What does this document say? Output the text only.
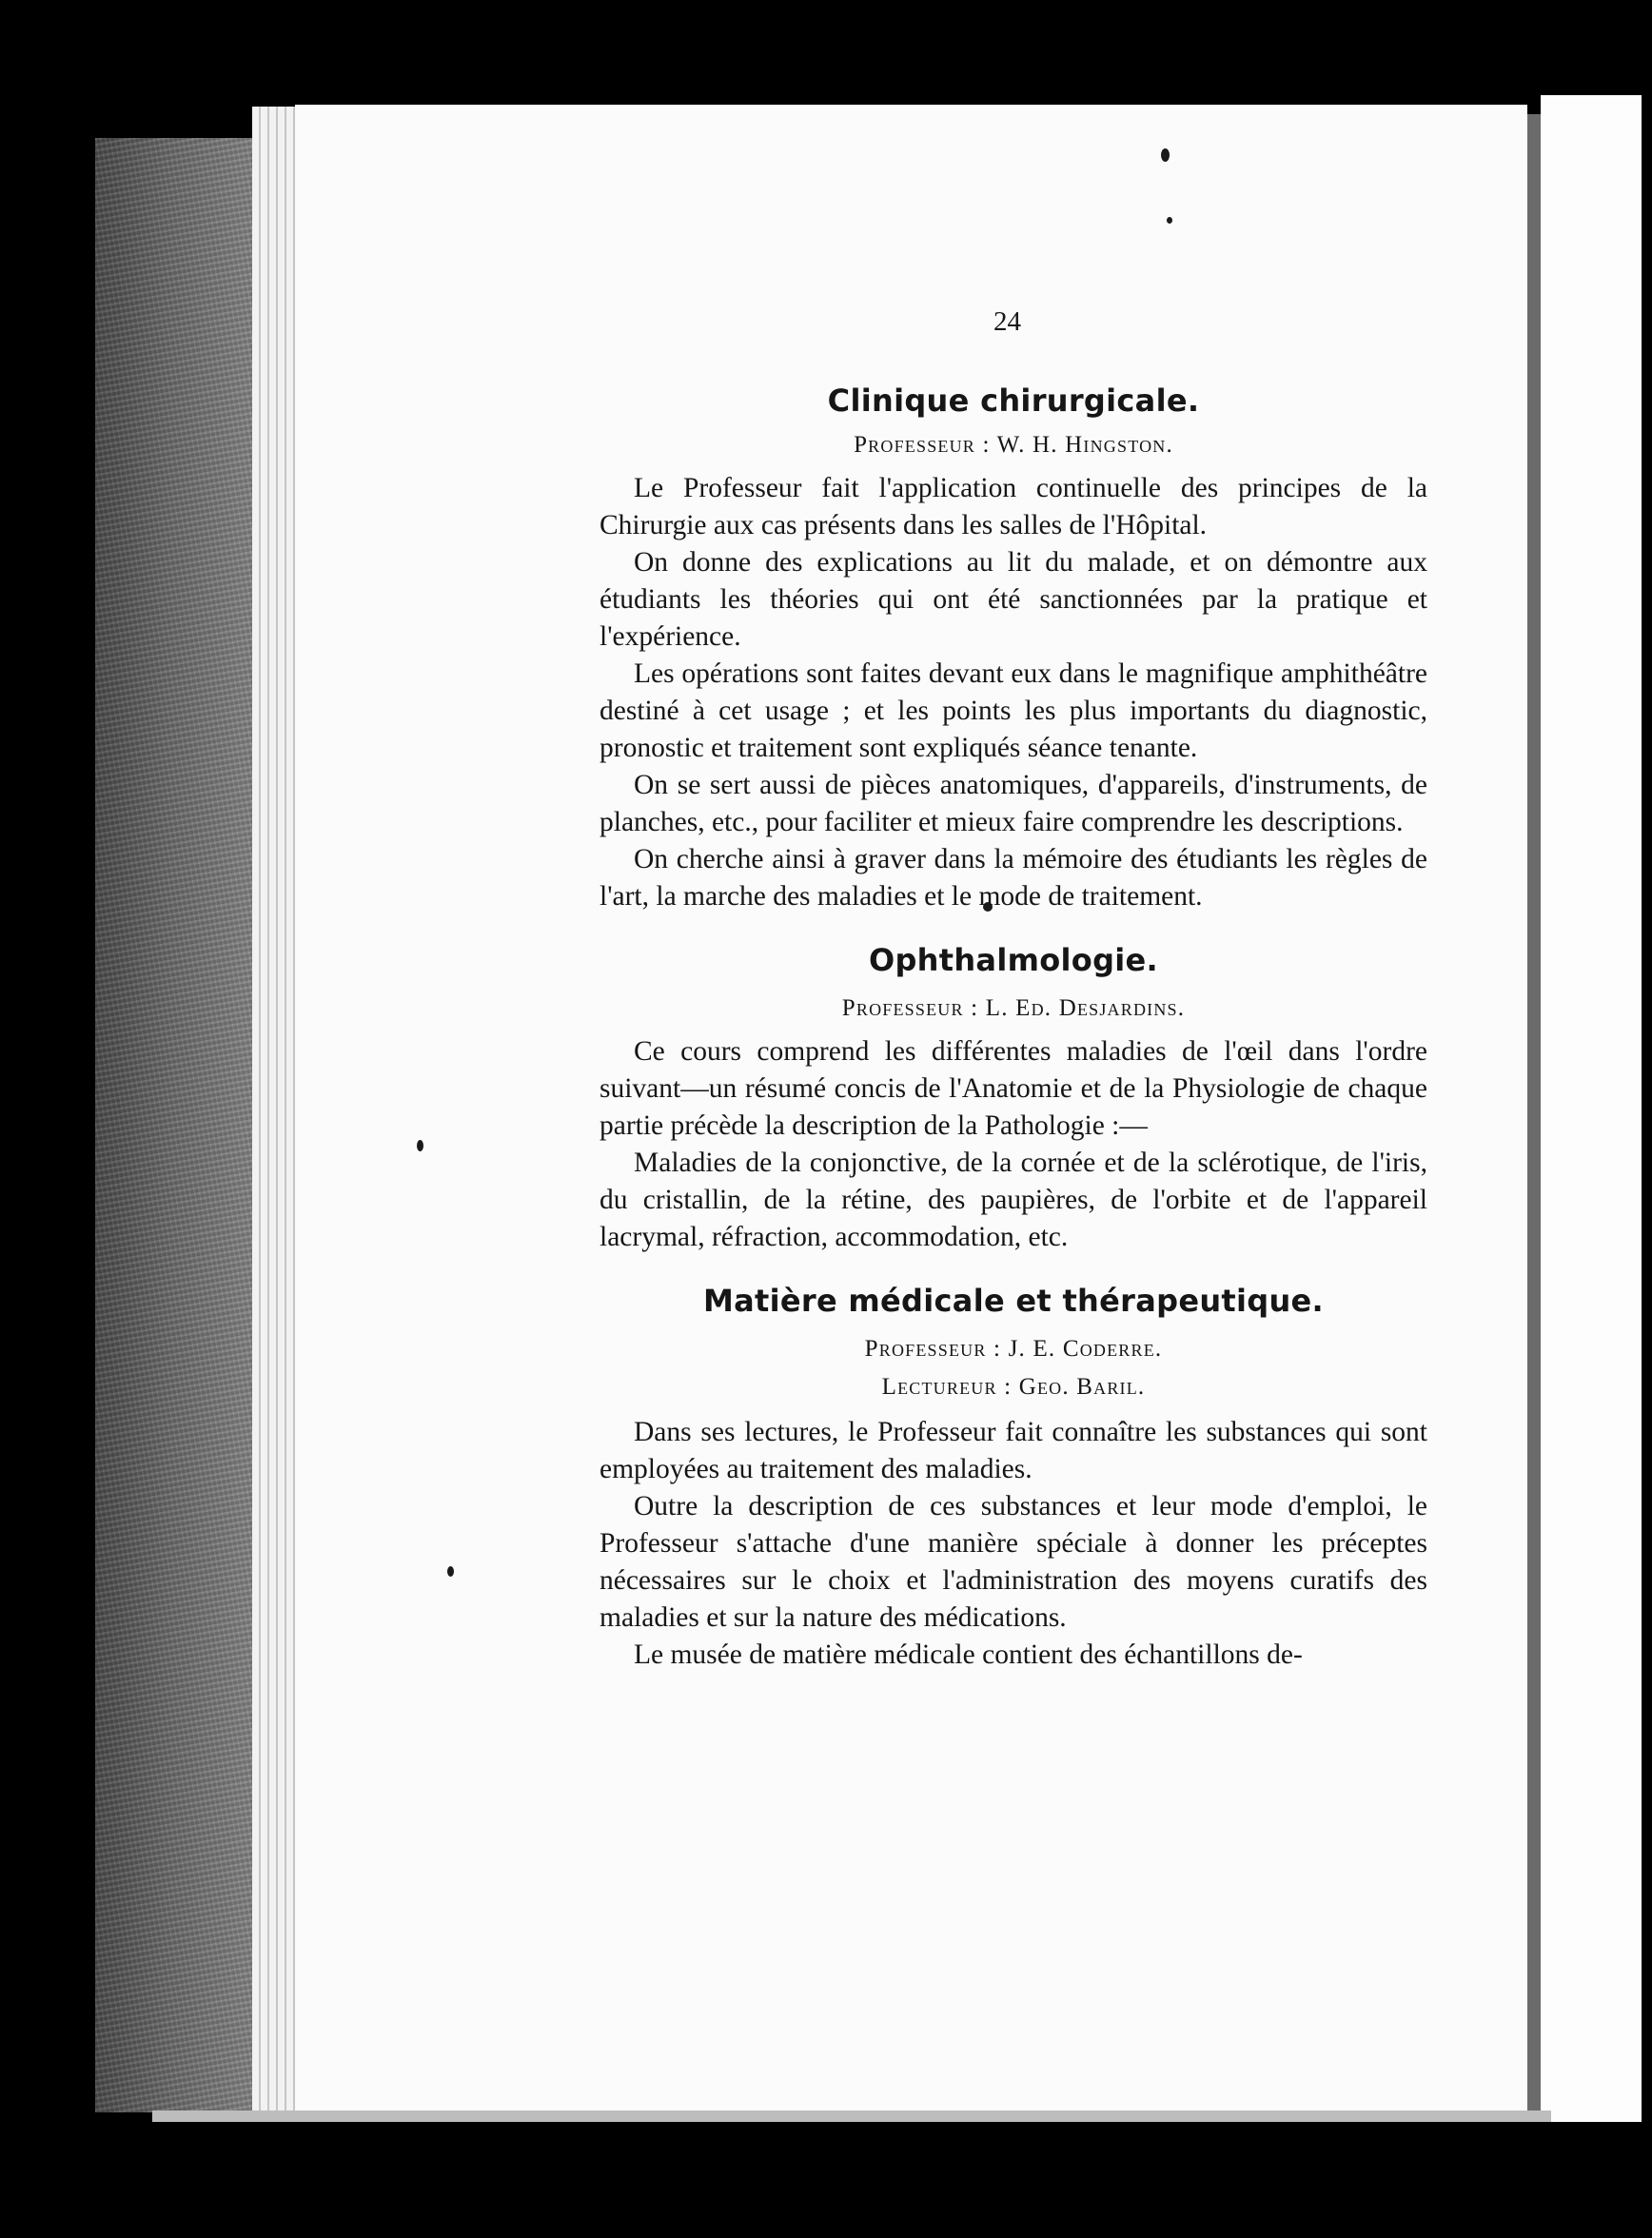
24
Clinique chirurgicale.

Professeur : W. H. Hingston.

Le Professeur fait l'application continuelle des principes de la Chirurgie aux cas présents dans les salles de l'Hôpital.

On donne des explications au lit du malade, et on démontre aux étudiants les théories qui ont été sanctionnées par la pratique et l'expérience.

Les opérations sont faites devant eux dans le magnifique amphithéâtre destiné à cet usage ; et les points les plus importants du diagnostic, pronostic et traitement sont expliqués séance tenante.

On se sert aussi de pièces anatomiques, d'appareils, d'instruments, de planches, etc., pour faciliter et mieux faire comprendre les descriptions.

On cherche ainsi à graver dans la mémoire des étudiants les règles de l'art, la marche des maladies et le mode de traitement.

Ophthalmologie.

Professeur : L. Ed. Desjardins.

Ce cours comprend les différentes maladies de l'œil dans l'ordre suivant—un résumé concis de l'Anatomie et de la Physiologie de chaque partie précède la description de la Pathologie :—

Maladies de la conjonctive, de la cornée et de la sclérotique, de l'iris, du cristallin, de la rétine, des paupières, de l'orbite et de l'appareil lacrymal, réfraction, accommodation, etc.

Matière médicale et thérapeutique.

Professeur : J. E. Coderre.

Lectureur : Geo. Baril.

Dans ses lectures, le Professeur fait connaître les substances qui sont employées au traitement des maladies.

Outre la description de ces substances et leur mode d'emploi, le Professeur s'attache d'une manière spéciale à donner les préceptes nécessaires sur le choix et l'administration des moyens curatifs des maladies et sur la nature des médications.

Le musée de matière médicale contient des échantillons de-
